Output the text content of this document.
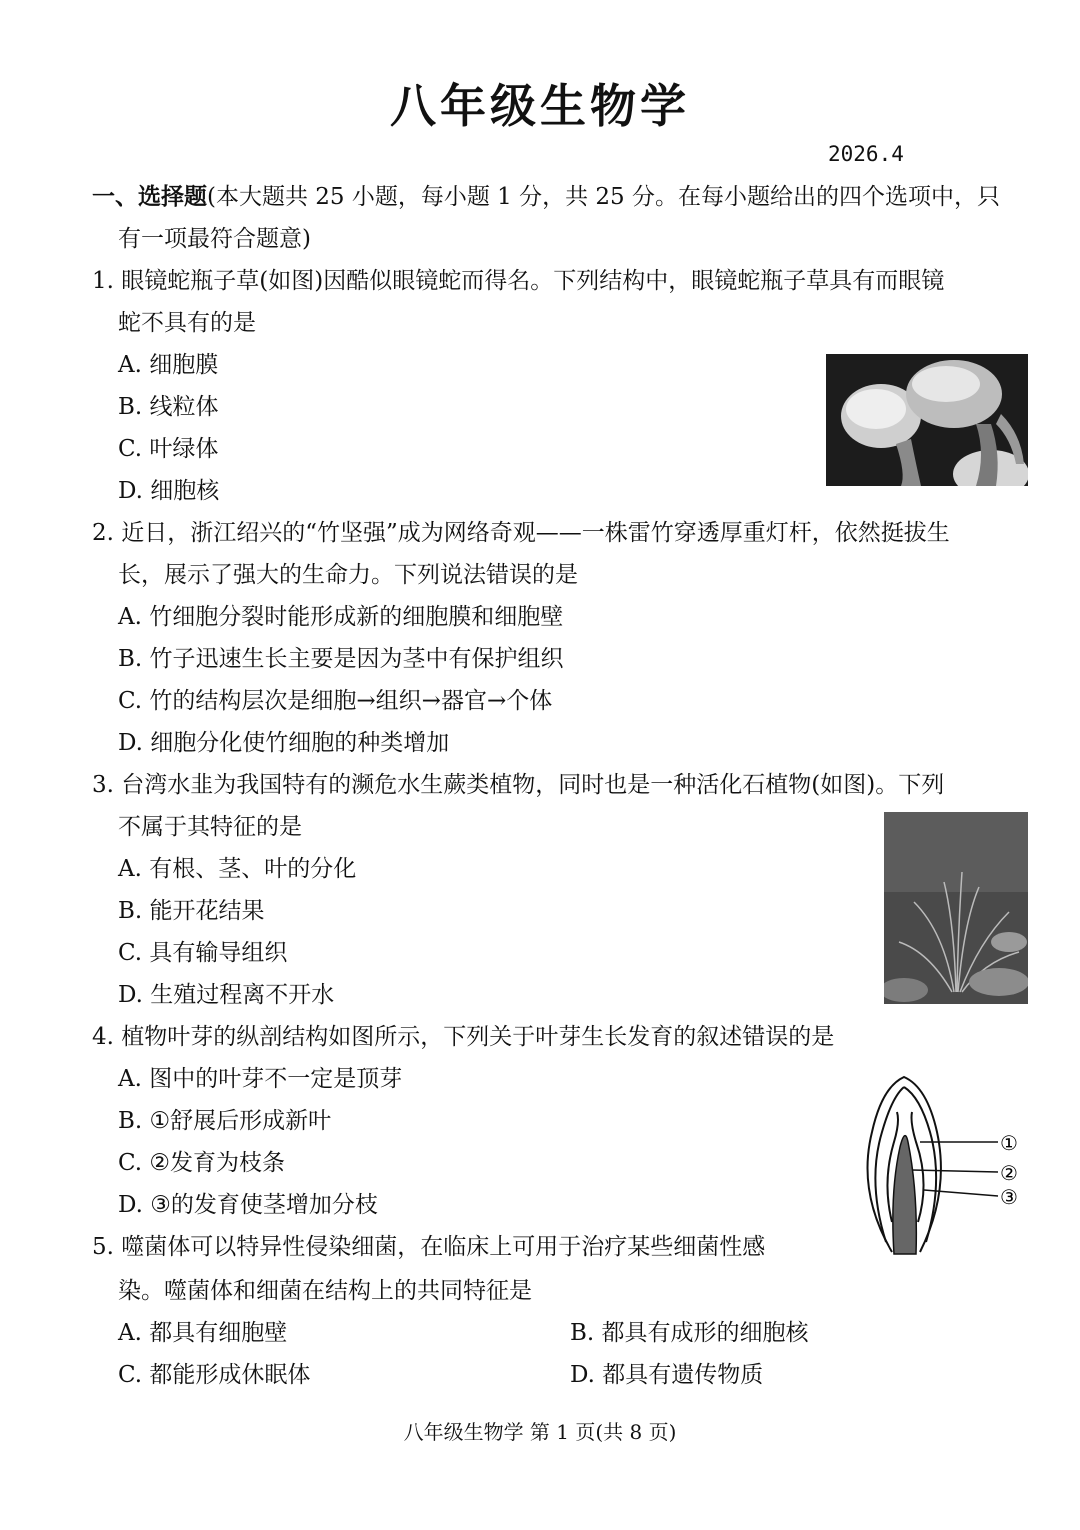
八年级生物学
2026.4
一、选择题(本大题共 25 小题，每小题 1 分，共 25 分。在每小题给出的四个选项中，只
有一项最符合题意)
1. 眼镜蛇瓶子草(如图)因酷似眼镜蛇而得名。下列结构中，眼镜蛇瓶子草具有而眼镜
蛇不具有的是
A. 细胞膜
B. 线粒体
C. 叶绿体
D. 细胞核
2. 近日，浙江绍兴的“竹坚强”成为网络奇观——一株雷竹穿透厚重灯杆，依然挺拔生
长，展示了强大的生命力。下列说法错误的是
A. 竹细胞分裂时能形成新的细胞膜和细胞壁
B. 竹子迅速生长主要是因为茎中有保护组织
C. 竹的结构层次是细胞→组织→器官→个体
D. 细胞分化使竹细胞的种类增加
3. 台湾水韭为我国特有的濒危水生蕨类植物，同时也是一种活化石植物(如图)。下列
不属于其特征的是
A. 有根、茎、叶的分化
B. 能开花结果
C. 具有输导组织
D. 生殖过程离不开水
4. 植物叶芽的纵剖结构如图所示，下列关于叶芽生长发育的叙述错误的是
A. 图中的叶芽不一定是顶芽
B. ①舒展后形成新叶
C. ②发育为枝条
D. ③的发育使茎增加分枝
①
②
③
5. 噬菌体可以特异性侵染细菌，在临床上可用于治疗某些细菌性感
染。噬菌体和细菌在结构上的共同特征是
A. 都具有细胞壁	B. 都具有成形的细胞核
C. 都能形成休眠体	D. 都具有遗传物质
八年级生物学 第 1 页(共 8 页)
